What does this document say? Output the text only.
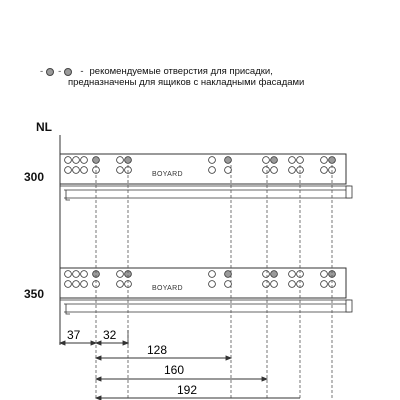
- - - рекомендуемые отверстия для присадки,
предназначены для ящиков с накладными фасадами
NL
300
350
BOYARD
BOYARD
37 32
128
160
192
